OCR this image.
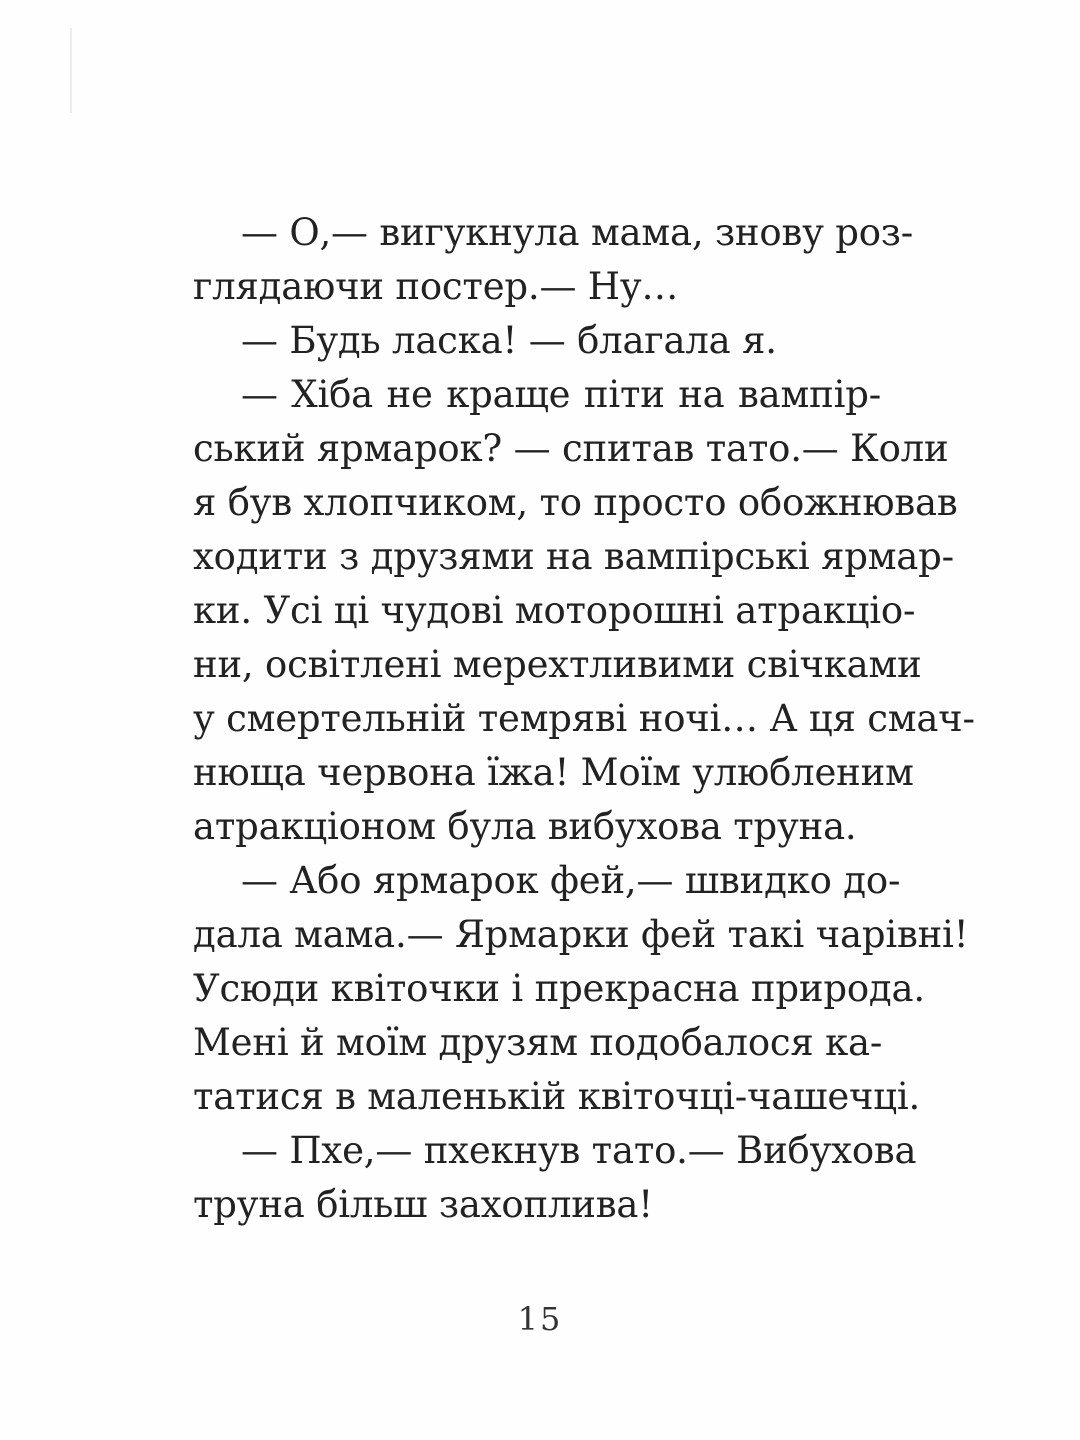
— О,— вигукнула мама, знову роз-
глядаючи постер.— Ну…
— Будь ласка! — благала я.
— Хіба не краще піти на вампір-
ський ярмарок? — спитав тато.— Коли
я був хлопчиком, то просто обожнював
ходити з друзями на вампірські ярмар-
ки. Усі ці чудові моторошні атракціо-
ни, освітлені мерехтливими свічками
у смертельній темряві ночі… А ця смач-
нюща червона їжа! Моїм улюбленим
атракціоном була вибухова труна.
— Або ярмарок фей,— швидко до-
дала мама.— Ярмарки фей такі чарівні!
Усюди квіточки і прекрасна природа.
Мені й моїм друзям подобалося ка-
татися в маленькій квіточці-чашечці.
— Пхе,— пхекнув тато.— Вибухова
труна більш захоплива!
15
